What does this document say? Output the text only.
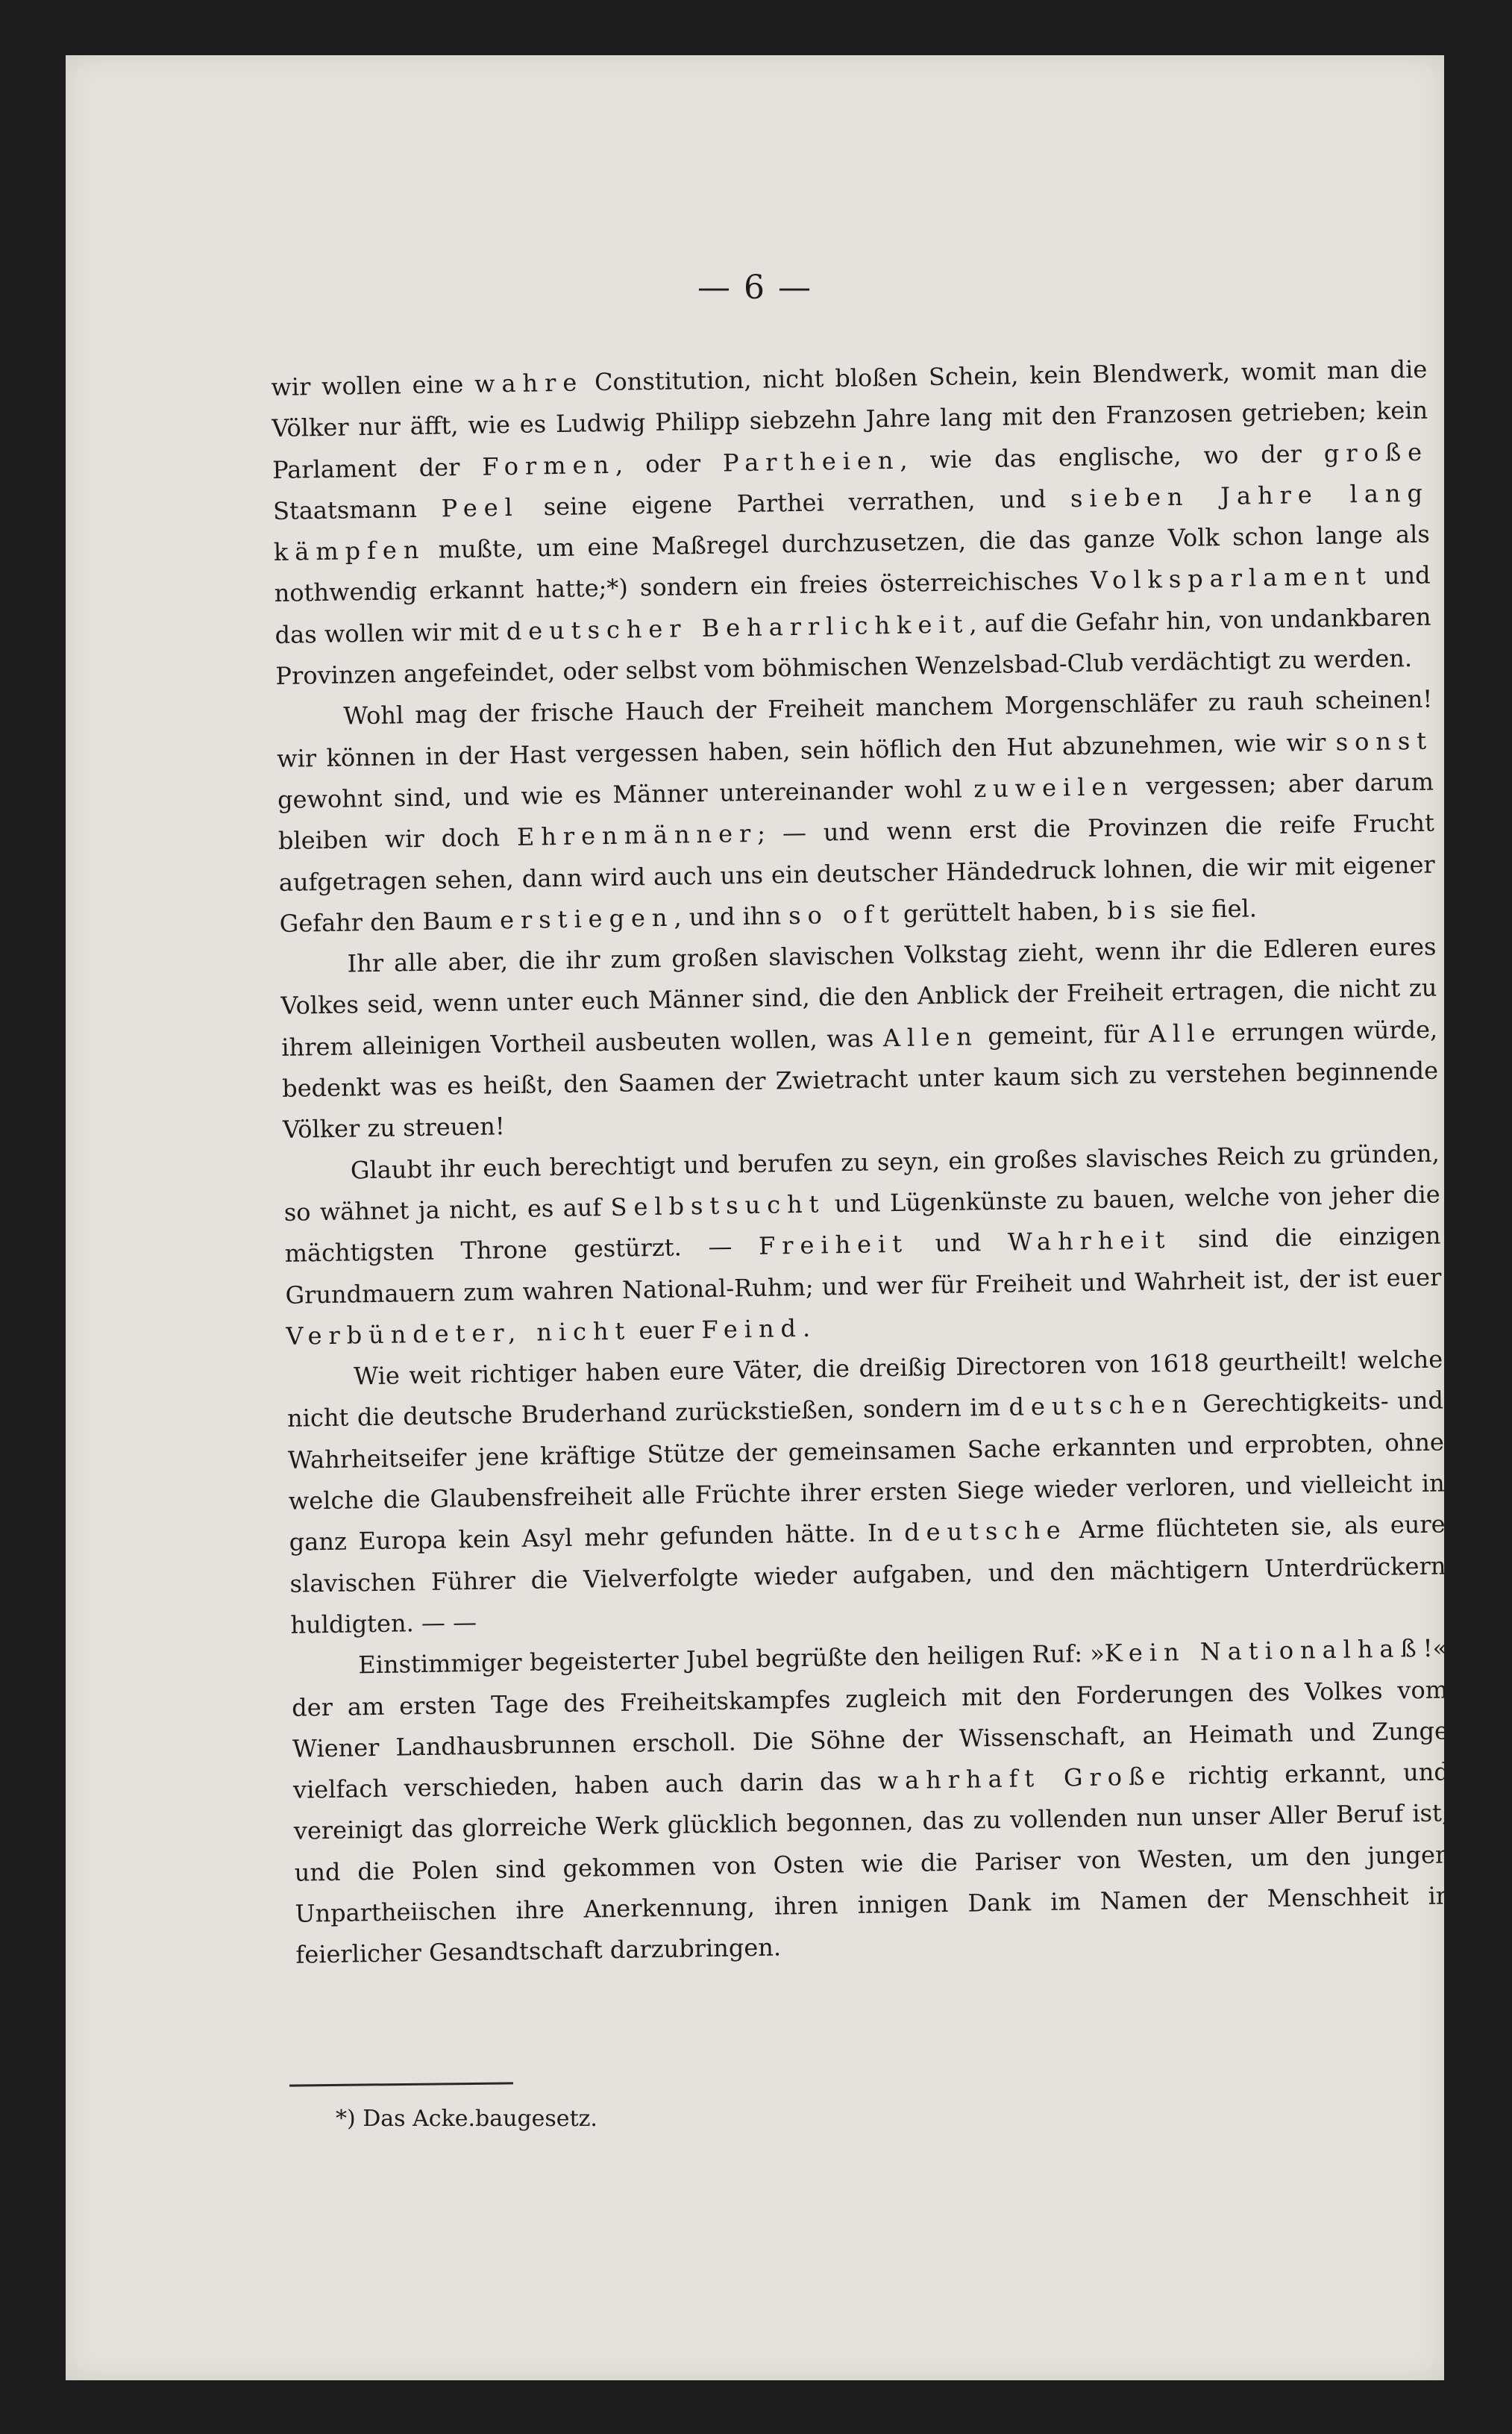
— 6 —

wir wollen eine wahre Constitution, nicht bloßen Schein, kein Blendwerk, womit man die Völker nur äfft, wie es Ludwig Philipp siebzehn Jahre lang mit den Franzosen getrieben; kein Parlament der Formen, oder Partheien, wie das englische, wo der große Staatsmann Peel seine eigene Parthei verrathen, und sieben Jahre lang kämpfen mußte, um eine Maßregel durchzusetzen, die das ganze Volk schon lange als nothwendig erkannt hatte;*) sondern ein freies österreichisches Volksparlament und das wollen wir mit deutscher Beharrlichkeit, auf die Gefahr hin, von undankbaren Provinzen angefeindet, oder selbst vom böhmischen Wenzelsbad-Club verdächtigt zu werden.

Wohl mag der frische Hauch der Freiheit manchem Morgenschläfer zu rauh scheinen! wir können in der Hast vergessen haben, sein höflich den Hut abzunehmen, wie wir sonst gewohnt sind, und wie es Männer untereinander wohl zuweilen vergessen; aber darum bleiben wir doch Ehrenmänner; — und wenn erst die Provinzen die reife Frucht aufgetragen sehen, dann wird auch uns ein deutscher Händedruck lohnen, die wir mit eigener Gefahr den Baum erstiegen, und ihn so oft gerüttelt haben, bis sie fiel.

Ihr alle aber, die ihr zum großen slavischen Volkstag zieht, wenn ihr die Edleren eures Volkes seid, wenn unter euch Männer sind, die den Anblick der Freiheit ertragen, die nicht zu ihrem alleinigen Vortheil ausbeuten wollen, was Allen gemeint, für Alle errungen würde, bedenkt was es heißt, den Saamen der Zwietracht unter kaum sich zu verstehen beginnende Völker zu streuen!

Glaubt ihr euch berechtigt und berufen zu seyn, ein großes slavisches Reich zu gründen, so wähnet ja nicht, es auf Selbstsucht und Lügenkünste zu bauen, welche von jeher die mächtigsten Throne gestürzt. — Freiheit und Wahrheit sind die einzigen Grundmauern zum wahren National-Ruhm; und wer für Freiheit und Wahrheit ist, der ist euer Verbündeter, nicht euer Feind.

Wie weit richtiger haben eure Väter, die dreißig Directoren von 1618 geurtheilt! welche nicht die deutsche Bruderhand zurückstießen, sondern im deutschen Gerechtigkeits- und Wahrheitseifer jene kräftige Stütze der gemeinsamen Sache erkannten und erprobten, ohne welche die Glaubensfreiheit alle Früchte ihrer ersten Siege wieder verloren, und vielleicht in ganz Europa kein Asyl mehr gefunden hätte. In deutsche Arme flüchteten sie, als eure slavischen Führer die Vielverfolgte wieder aufgaben, und den mächtigern Unterdrückern huldigten. — —

Einstimmiger begeisterter Jubel begrüßte den heiligen Ruf: »Kein Nationalhaß!« der am ersten Tage des Freiheitskampfes zugleich mit den Forderungen des Volkes vom Wiener Landhausbrunnen erscholl. Die Söhne der Wissenschaft, an Heimath und Zunge vielfach verschieden, haben auch darin das wahrhaft Große richtig erkannt, und vereinigt das glorreiche Werk glücklich begonnen, das zu vollenden nun unser Aller Beruf ist; und die Polen sind gekommen von Osten wie die Pariser von Westen, um den jungen Unpartheiischen ihre Anerkennung, ihren innigen Dank im Namen der Menschheit in feierlicher Gesandtschaft darzubringen.

*) Das Acke.baugesetz.
